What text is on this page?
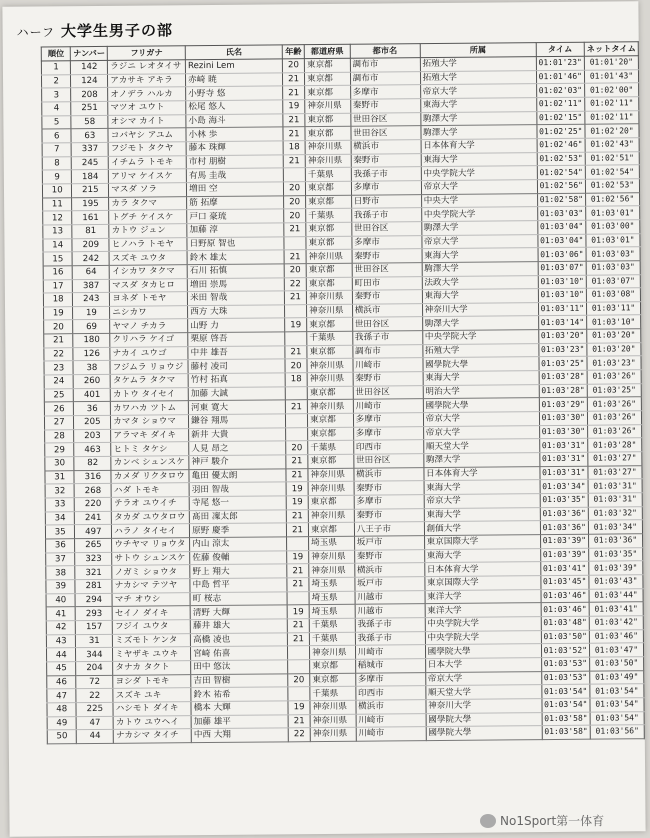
ハーフ 大学生男子の部
順位	ナンバー	フリガナ	氏名	年齢	都道府県	都市名	所属	タイム	ネットタイム
1	142	ラジニ レオタイサ	Rezini Lem	20	東京都	調布市	拓殖大学	01:01'23"	01:01'20"
2	124	アカサキ アキラ	赤崎 暁	21	東京都	調布市	拓殖大学	01:01'46"	01:01'43"
3	208	オノデラ ハルカ	小野寺 悠	21	東京都	多摩市	帝京大学	01:02'03"	01:02'00"
4	251	マツオ ユウト	松尾 悠人	19	神奈川県	秦野市	東海大学	01:02'11"	01:02'11"
5	58	オシマ カイト	小島 海斗	21	東京都	世田谷区	駒澤大学	01:02'15"	01:02'11"
6	63	コバヤシ アユム	小林 歩	21	東京都	世田谷区	駒澤大学	01:02'25"	01:02'20"
7	337	フジモト タクヤ	藤本 珠輝	18	神奈川県	横浜市	日本体育大学	01:02'46"	01:02'43"
8	245	イチムラ トモキ	市村 朋樹	21	神奈川県	秦野市	東海大学	01:02'53"	01:02'51"
9	184	アリマ ケイスケ	有馬 圭哉		千葉県	我孫子市	中央学院大学	01:02'54"	01:02'54"
10	215	マスダ ソラ	増田 空	20	東京都	多摩市	帝京大学	01:02'56"	01:02'53"
11	195	カラ タクマ	筋 拓摩	20	東京都	日野市	中央大学	01:02'58"	01:02'56"
12	161	トグチ ケイスケ	戸口 豪琉	20	千葉県	我孫子市	中央学院大学	01:03'03"	01:03'01"
13	81	カトウ ジュン	加藤 淳	21	東京都	世田谷区	駒澤大学	01:03'04"	01:03'00"
14	209	ヒノハラ トモヤ	日野原 智也		東京都	多摩市	帝京大学	01:03'04"	01:03'01"
15	242	スズキ ユウタ	鈴木 雄太	21	神奈川県	秦野市	東海大学	01:03'06"	01:03'03"
16	64	イシカワ タクマ	石川 拓慎	20	東京都	世田谷区	駒澤大学	01:03'07"	01:03'03"
17	387	マスダ タカヒロ	増田 崇馬	22	東京都	町田市	法政大学	01:03'10"	01:03'07"
18	243	ヨネダ トモヤ	米田 智哉	21	神奈川県	秦野市	東海大学	01:03'10"	01:03'08"
19	19	ニシカワ	西方 大珠		神奈川県	横浜市	神奈川大学	01:03'11"	01:03'11"
20	69	ヤマノ チカラ	山野 力	19	東京都	世田谷区	駒澤大学	01:03'14"	01:03'10"
21	180	クリハラ ケイゴ	栗原 啓吾		千葉県	我孫子市	中央学院大学	01:03'20"	01:03'20"
22	126	ナカイ ユウゴ	中井 雄吾	21	東京都	調布市	拓殖大学	01:03'23"	01:03'20"
23	38	フジムラ リョウジ	藤村 凌司	20	神奈川県	川崎市	國學院大學	01:03'25"	01:03'23"
24	260	タケムラ タクマ	竹村 拓真	18	神奈川県	秦野市	東海大学	01:03'28"	01:03'26"
25	401	カトウ タイセイ	加藤 大誠		東京都	世田谷区	明治大学	01:03'28"	01:03'25"
26	36	カワハカ ツトム	河東 寛大	21	神奈川県	川崎市	國學院大學	01:03'29"	01:03'26"
27	205	カマタ ショウマ	鎌谷 翔馬		東京都	多摩市	帝京大学	01:03'30"	01:03'26"
28	203	アラマキ ダイキ	新井 大貴		東京都	多摩市	帝京大学	01:03'30"	01:03'26"
29	463	ヒトミ タケシ	人見 昂之	20	千葉県	印西市	順天堂大学	01:03'31"	01:03'28"
30	82	カンベ シュンスケ	神戸 駿介	21	東京都	世田谷区	駒澤大学	01:03'31"	01:03'27"
31	316	カメダ リクタロウ	亀田 優太朗	21	神奈川県	横浜市	日本体育大学	01:03'31"	01:03'27"
32	268	ハダ トモキ	羽田 智哉	19	神奈川県	秦野市	東海大学	01:03'34"	01:03'31"
33	220	テラオ ユウイチ	寺尾 悠一	19	東京都	多摩市	帝京大学	01:03'35"	01:03'31"
34	241	タカダ ユウタロウ	髙田 凜太郎	21	神奈川県	秦野市	東海大学	01:03'36"	01:03'32"
35	497	ハラノ タイセイ	原野 慶季	21	東京都	八王子市	創価大学	01:03'36"	01:03'34"
36	265	ウチヤマ リョウタ	内山 涼太		埼玉県	坂戸市	東京国際大学	01:03'39"	01:03'36"
37	323	サトウ シュンスケ	佐藤 俊輔	19	神奈川県	秦野市	東海大学	01:03'39"	01:03'35"
38	321	ノガミ ショウタ	野上 翔大	21	神奈川県	横浜市	日本体育大学	01:03'41"	01:03'39"
39	281	ナカシマ テツヤ	中島 哲平	21	埼玉県	坂戸市	東京国際大学	01:03'45"	01:03'43"
40	294	マチ オウシ	町 桜志		埼玉県	川越市	東洋大学	01:03'46"	01:03'44"
41	293	セイノ ダイキ	清野 大輝	19	埼玉県	川越市	東洋大学	01:03'46"	01:03'41"
42	157	フジイ ユウタ	藤井 雄大	21	千葉県	我孫子市	中央学院大学	01:03'48"	01:03'42"
43	31	ミズモト ケンタ	高橋 凌也	21	千葉県	我孫子市	中央学院大学	01:03'50"	01:03'46"
44	344	ミヤザキ ユウキ	宮崎 佑喜		神奈川県	川崎市	國學院大學	01:03'52"	01:03'47"
45	204	タナカ タクト	田中 悠汰		東京都	稲城市	日本大学	01:03'53"	01:03'50"
46	72	ヨシダ トモキ	吉田 智樹	20	東京都	多摩市	帝京大学	01:03'53"	01:03'49"
47	22	スズキ ユキ	鈴木 祐希		千葉県	印西市	順天堂大学	01:03'54"	01:03'54"
48	225	ハシモト ダイキ	橋本 大輝	19	神奈川県	横浜市	神奈川大学	01:03'54"	01:03'54"
49	47	カトウ ユウヘイ	加藤 雄平	21	神奈川県	川崎市	國學院大學	01:03'58"	01:03'54"
50	44	ナカシマ タイチ	中西 大翔	22	神奈川県	川崎市	國學院大學	01:03'58"	01:03'56"
No1Sport第一体育
